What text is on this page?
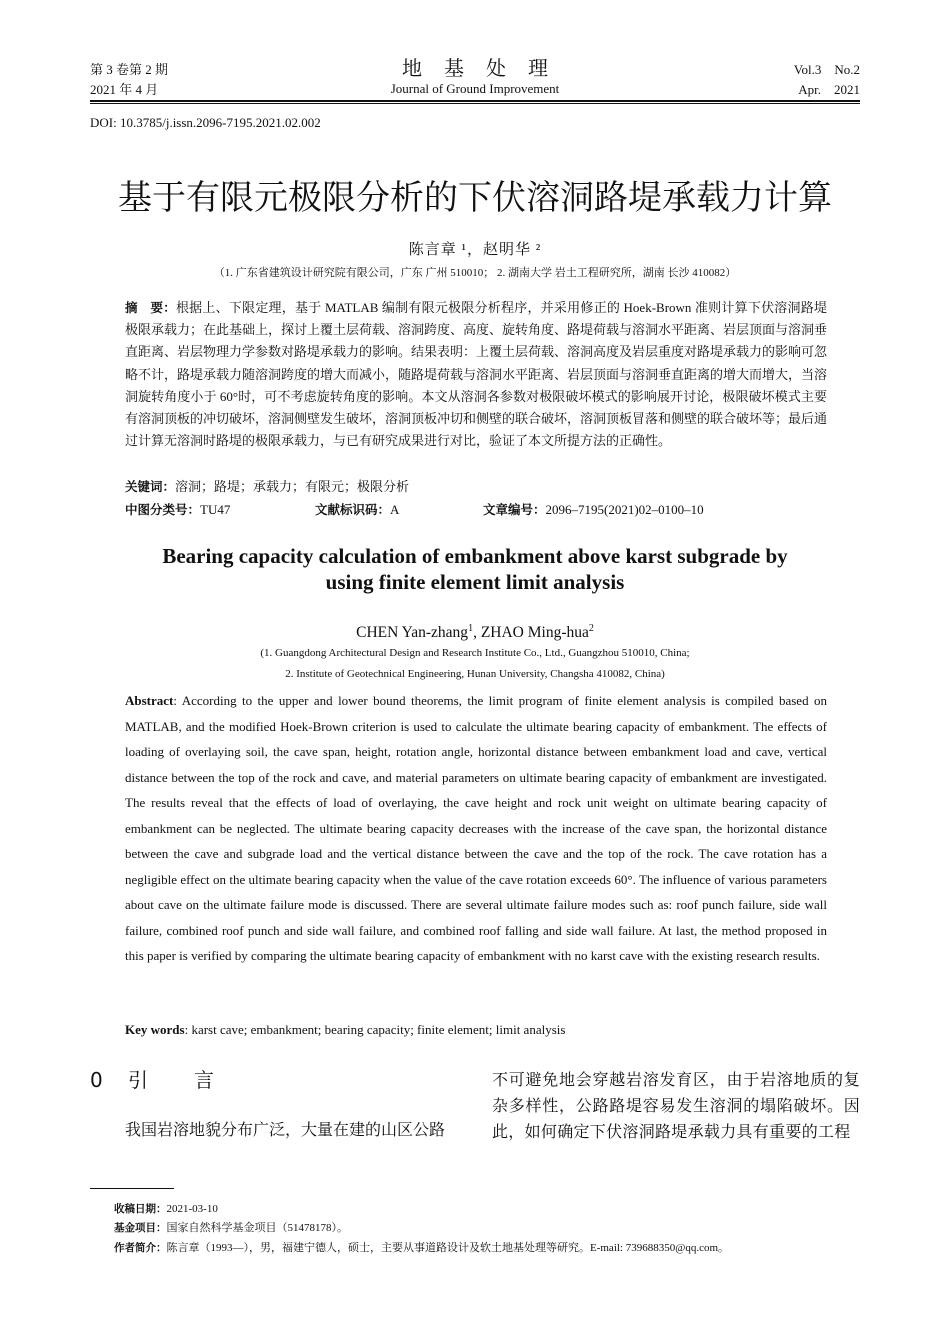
第 3 卷第 2 期
2021 年 4 月
地基处理
Journal of Ground Improvement
Vol.3    No.2
Apr.    2021
DOI: 10.3785/j.issn.2096-7195.2021.02.002
基于有限元极限分析的下伏溶洞路堤承载力计算
陈言章 ¹，赵明华 ²
（1. 广东省建筑设计研究院有限公司，广东 广州 510010； 2. 湖南大学 岩土工程研究所，湖南 长沙 410082）
摘　要：根据上、下限定理，基于 MATLAB 编制有限元极限分析程序，并采用修正的 Hoek-Brown 准则计算下伏溶洞路堤极限承载力；在此基础上，探讨上覆土层荷载、溶洞跨度、高度、旋转角度、路堤荷载与溶洞水平距离、岩层顶面与溶洞垂直距离、岩层物理力学参数对路堤承载力的影响。结果表明：上覆土层荷载、溶洞高度及岩层重度对路堤承载力的影响可忽略不计，路堤承载力随溶洞跨度的增大而减小，随路堤荷载与溶洞水平距离、岩层顶面与溶洞垂直距离的增大而增大，当溶洞旋转角度小于 60°时，可不考虑旋转角度的影响。本文从溶洞各参数对极限破坏模式的影响展开讨论，极限破坏模式主要有溶洞顶板的冲切破坏，溶洞侧壁发生破坏，溶洞顶板冲切和侧壁的联合破坏，溶洞顶板冒落和侧壁的联合破坏等；最后通过计算无溶洞时路堤的极限承载力，与已有研究成果进行对比，验证了本文所提方法的正确性。
关键词：溶洞；路堤；承载力；有限元；极限分析
中图分类号：TU47	文献标识码：A	文章编号：2096–7195(2021)02–0100–10
Bearing capacity calculation of embankment above karst subgrade by
using finite element limit analysis
CHEN Yan-zhang$^1$, ZHAO Ming-hua$^2$
(1. Guangdong Architectural Design and Research Institute Co., Ltd., Guangzhou 510010, China;
2. Institute of Geotechnical Engineering, Hunan University, Changsha 410082, China)
Abstract: According to the upper and lower bound theorems, the limit program of finite element analysis is compiled based on MATLAB, and the modified Hoek-Brown criterion is used to calculate the ultimate bearing capacity of embankment. The effects of loading of overlaying soil, the cave span, height, rotation angle, horizontal distance between embankment load and cave, vertical distance between the top of the rock and cave, and material parameters on ultimate bearing capacity of embankment are investigated. The results reveal that the effects of load of overlaying, the cave height and rock unit weight on ultimate bearing capacity of embankment can be neglected. The ultimate bearing capacity decreases with the increase of the cave span, the horizontal distance between the cave and subgrade load and the vertical distance between the cave and the top of the rock. The cave rotation has a negligible effect on the ultimate bearing capacity when the value of the cave rotation exceeds 60°. The influence of various parameters about cave on the ultimate failure mode is discussed. There are several ultimate failure modes such as: roof punch failure, side wall failure, combined roof punch and side wall failure, and combined roof falling and side wall failure. At last, the method proposed in this paper is verified by comparing the ultimate bearing capacity of embankment with no karst cave with the existing research results.
Key words: karst cave; embankment; bearing capacity; finite element; limit analysis
0 引 言
我国岩溶地貌分布广泛，大量在建的山区公路
不可避免地会穿越岩溶发育区，由于岩溶地质的复杂多样性，公路路堤容易发生溶洞的塌陷破坏。因此，如何确定下伏溶洞路堤承载力具有重要的工程
收稿日期：2021-03-10
基金项目：国家自然科学基金项目（51478178）。
作者简介：陈言章（1993—），男，福建宁德人，硕士，主要从事道路设计及软土地基处理等研究。E-mail: 739688350@qq.com。
